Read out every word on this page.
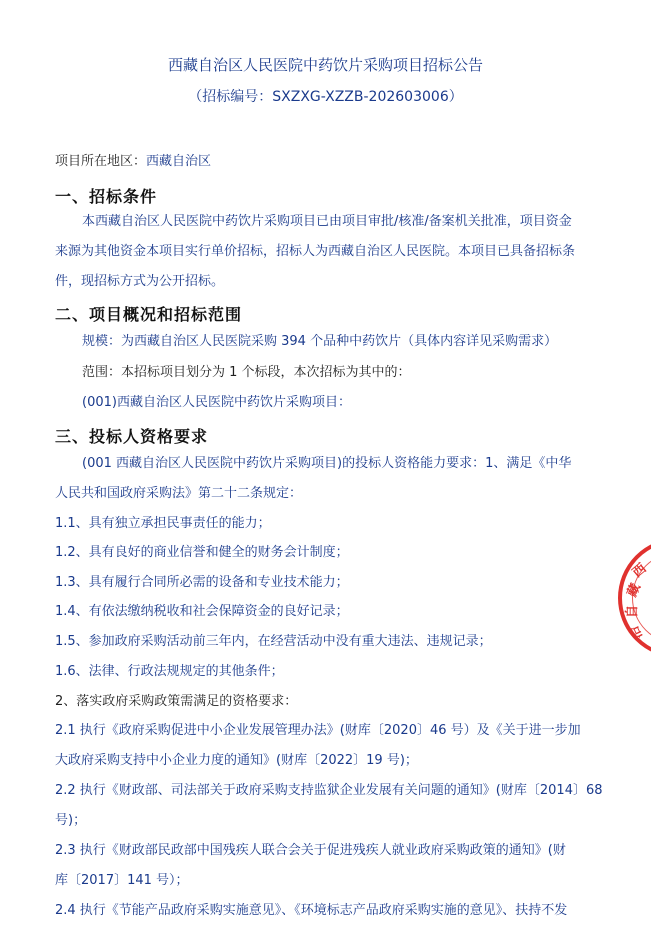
西藏自治区人民医院中药饮片采购项目招标公告
（招标编号：SXZXG-XZZB-202603006）
项目所在地区：西藏自治区
一、招标条件
本西藏自治区人民医院中药饮片采购项目已由项目审批/核准/备案机关批准，项目资金
来源为其他资金本项目实行单价招标，招标人为西藏自治区人民医院。本项目已具备招标条
件，现招标方式为公开招标。
二、项目概况和招标范围
规模：为西藏自治区人民医院采购 394 个品种中药饮片（具体内容详见采购需求）
范围：本招标项目划分为 1 个标段，本次招标为其中的：
(001)西藏自治区人民医院中药饮片采购项目：
三、投标人资格要求
(001 西藏自治区人民医院中药饮片采购项目)的投标人资格能力要求：1、满足《中华
人民共和国政府采购法》第二十二条规定：
1.1、具有独立承担民事责任的能力；
1.2、具有良好的商业信誉和健全的财务会计制度；
1.3、具有履行合同所必需的设备和专业技术能力；
1.4、有依法缴纳税收和社会保障资金的良好记录；
1.5、参加政府采购活动前三年内，在经营活动中没有重大违法、违规记录；
1.6、法律、行政法规规定的其他条件；
2、落实政府采购政策需满足的资格要求：
2.1 执行《政府采购促进中小企业发展管理办法》(财库〔2020〕46 号）及《关于进一步加
大政府采购支持中小企业力度的通知》(财库〔2022〕19 号)；
2.2 执行《财政部、司法部关于政府采购支持监狱企业发展有关问题的通知》(财库〔2014〕68
号)；
2.3 执行《财政部民政部中国残疾人联合会关于促进残疾人就业政府采购政策的通知》(财
库〔2017〕141 号）；
2.4 执行《节能产品政府采购实施意见》、《环境标志产品政府采购实施的意见》、扶持不发
西
藏
自
治
